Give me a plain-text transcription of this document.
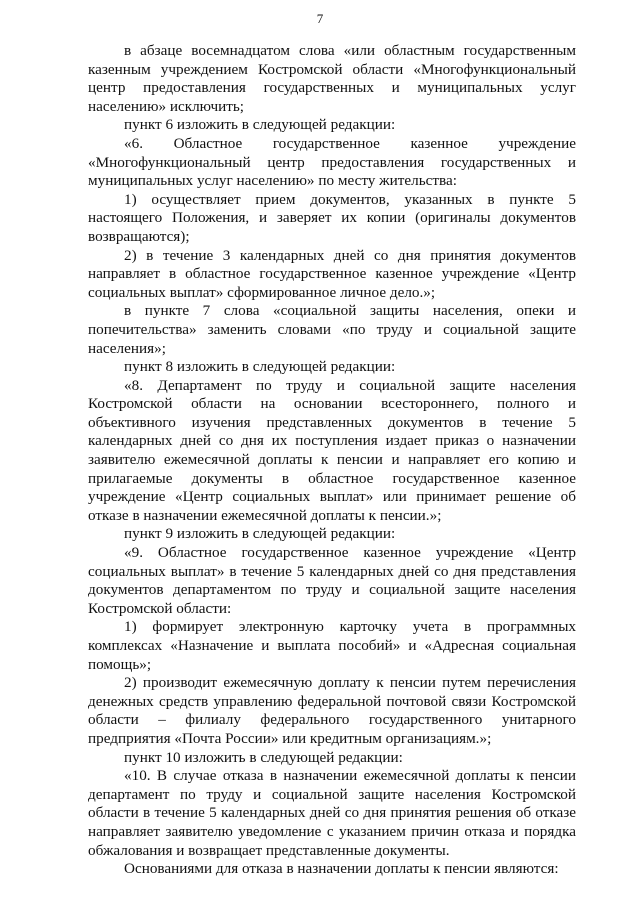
7

в абзаце восемнадцатом слова «или областным государственным казенным учреждением Костромской области «Многофункциональный центр предоставления государственных и муниципальных услуг населению» исключить;

пункт 6 изложить в следующей редакции:

«6. Областное государственное казенное учреждение «Многофункциональный центр предоставления государственных и муниципальных услуг населению» по месту жительства:

1) осуществляет прием документов, указанных в пункте 5 настоящего Положения, и заверяет их копии (оригиналы документов возвращаются);

2) в течение 3 календарных дней со дня принятия документов направляет в областное государственное казенное учреждение «Центр социальных выплат» сформированное личное дело.»;

в пункте 7 слова «социальной защиты населения, опеки и попечительства» заменить словами «по труду и социальной защите населения»;

пункт 8 изложить в следующей редакции:

«8. Департамент по труду и социальной защите населения Костромской области на основании всестороннего, полного и объективного изучения представленных документов в течение 5 календарных дней со дня их поступления издает приказ о назначении заявителю ежемесячной доплаты к пенсии и направляет его копию и прилагаемые документы в областное государственное казенное учреждение «Центр социальных выплат» или принимает решение об отказе в назначении ежемесячной доплаты к пенсии.»;

пункт 9 изложить в следующей редакции:

«9. Областное государственное казенное учреждение «Центр социальных выплат» в течение 5 календарных дней со дня представления документов департаментом по труду и социальной защите населения Костромской области:

1) формирует электронную карточку учета в программных комплексах «Назначение и выплата пособий» и «Адресная социальная помощь»;

2) производит ежемесячную доплату к пенсии путем перечисления денежных средств управлению федеральной почтовой связи Костромской области – филиалу федерального государственного унитарного предприятия «Почта России» или кредитным организациям.»;

пункт 10 изложить в следующей редакции:

«10. В случае отказа в назначении ежемесячной доплаты к пенсии департамент по труду и социальной защите населения Костромской области в течение 5 календарных дней со дня принятия решения об отказе направляет заявителю уведомление с указанием причин отказа и порядка обжалования и возвращает представленные документы.

Основаниями для отказа в назначении доплаты к пенсии являются:
